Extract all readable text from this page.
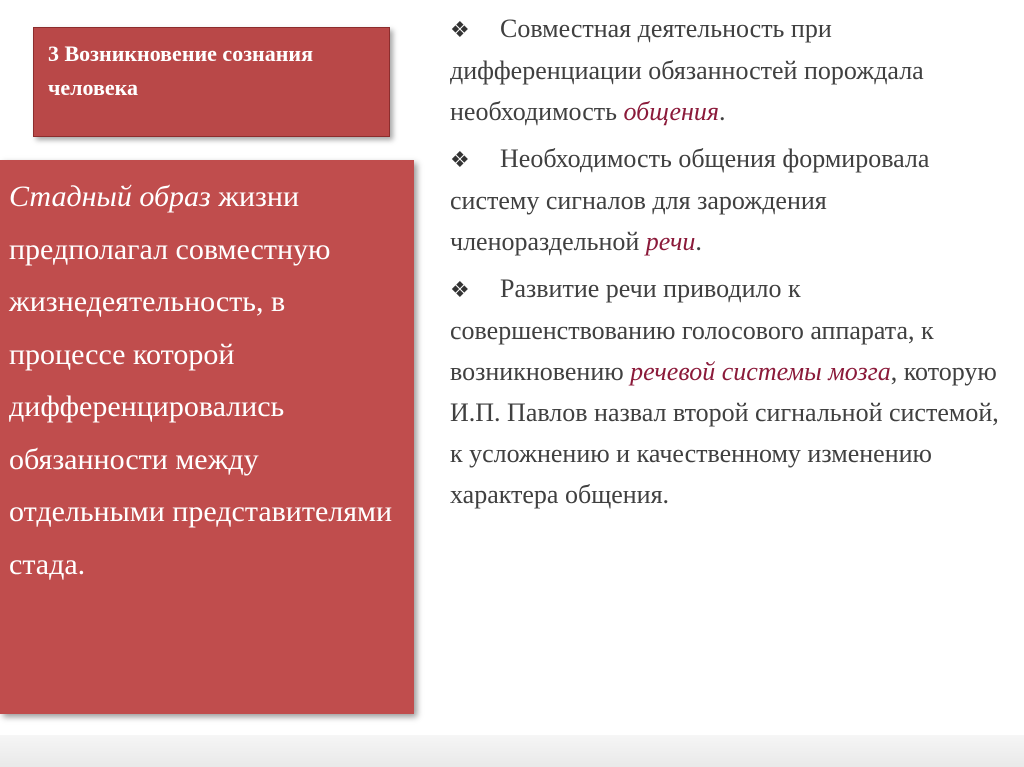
3 Возникновение сознания человека
Стадный образ жизни предполагал совместную жизнедеятельность, в процессе которой дифференцировались обязанности между отдельными представителями стада.

❖ Совместная деятельность при дифференциации обязанностей порождала необходимость общения.

❖ Необходимость общения формировала систему сигналов для зарождения членораздельной речи.

❖ Развитие речи приводило к совершенствованию голосового аппарата, к возникновению речевой системы мозга, которую И.П. Павлов назвал второй сигнальной системой,
к усложнению и качественному изменению характера общения.
